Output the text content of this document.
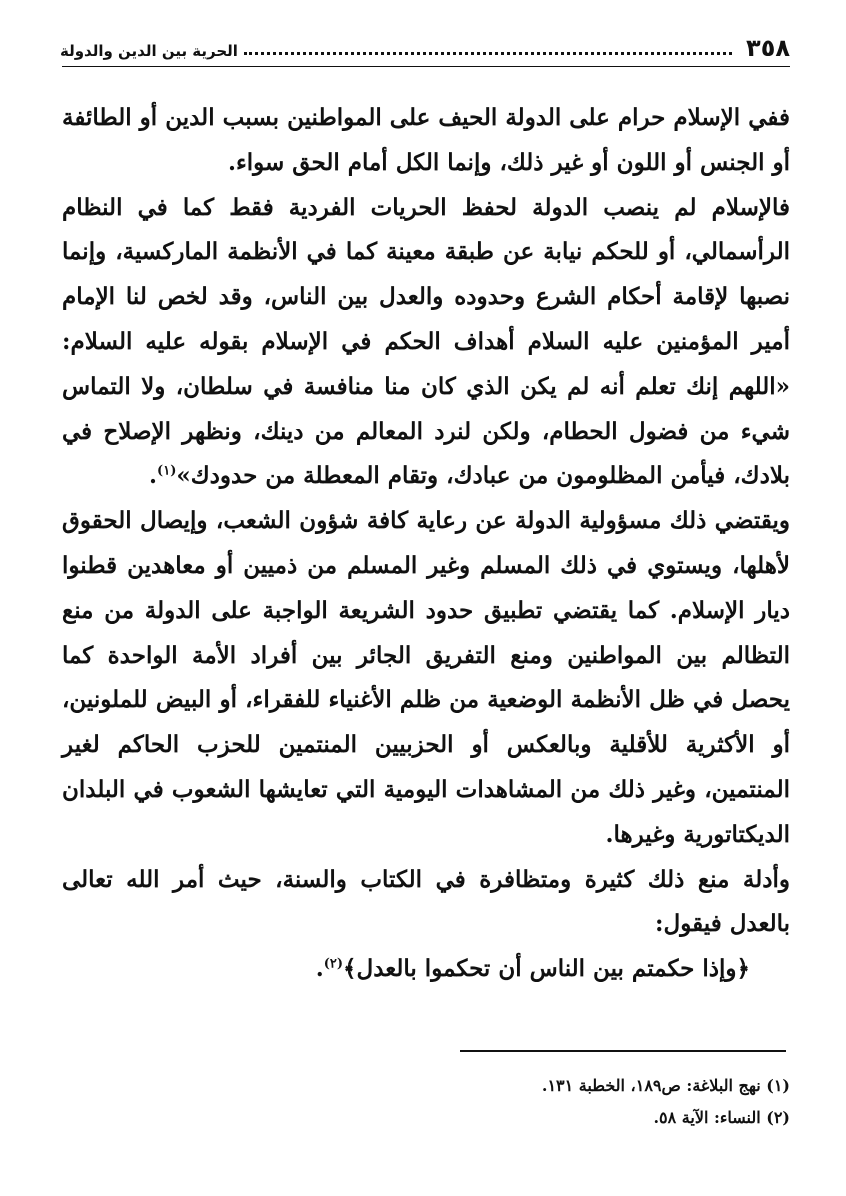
٣٥٨
الحرية بين الدين والدولة

ففي الإسلام حرام على الدولة الحيف على المواطنين بسبب الدين أو الطائفة أو الجنس أو اللون أو غير ذلك، وإنما الكل أمام الحق سواء.

فالإسلام لم ينصب الدولة لحفظ الحريات الفردية فقط كما في النظام الرأسمالي، أو للحكم نيابة عن طبقة معينة كما في الأنظمة الماركسية، وإنما نصبها لإقامة أحكام الشرع وحدوده والعدل بين الناس، وقد لخص لنا الإمام أمير المؤمنين عليه السلام أهداف الحكم في الإسلام بقوله عليه السلام: «اللهم إنك تعلم أنه لم يكن الذي كان منا منافسة في سلطان، ولا التماس شيء من فضول الحطام، ولكن لنرد المعالم من دينك، ونظهر الإصلاح في بلادك، فيأمن المظلومون من عبادك، وتقام المعطلة من حدودك»$^{(١)}$.

ويقتضي ذلك مسؤولية الدولة عن رعاية كافة شؤون الشعب، وإيصال الحقوق لأهلها، ويستوي في ذلك المسلم وغير المسلم من ذميين أو معاهدين قطنوا ديار الإسلام. كما يقتضي تطبيق حدود الشريعة الواجبة على الدولة من منع التظالم بين المواطنين ومنع التفريق الجائر بين أفراد الأمة الواحدة كما يحصل في ظل الأنظمة الوضعية من ظلم الأغنياء للفقراء، أو البيض للملونين، أو الأكثرية للأقلية وبالعكس أو الحزبيين المنتمين للحزب الحاكم لغير المنتمين، وغير ذلك من المشاهدات اليومية التي تعايشها الشعوب في البلدان الديكتاتورية وغيرها.

وأدلة منع ذلك كثيرة ومتظافرة في الكتاب والسنة، حيث أمر الله تعالى بالعدل فيقول:

﴿وإذا حكمتم بين الناس أن تحكموا بالعدل﴾$^{(٢)}$.

(١) نهج البلاغة: ص١٨٩، الخطبة ١٣١.

(٢) النساء: الآية ٥٨.
